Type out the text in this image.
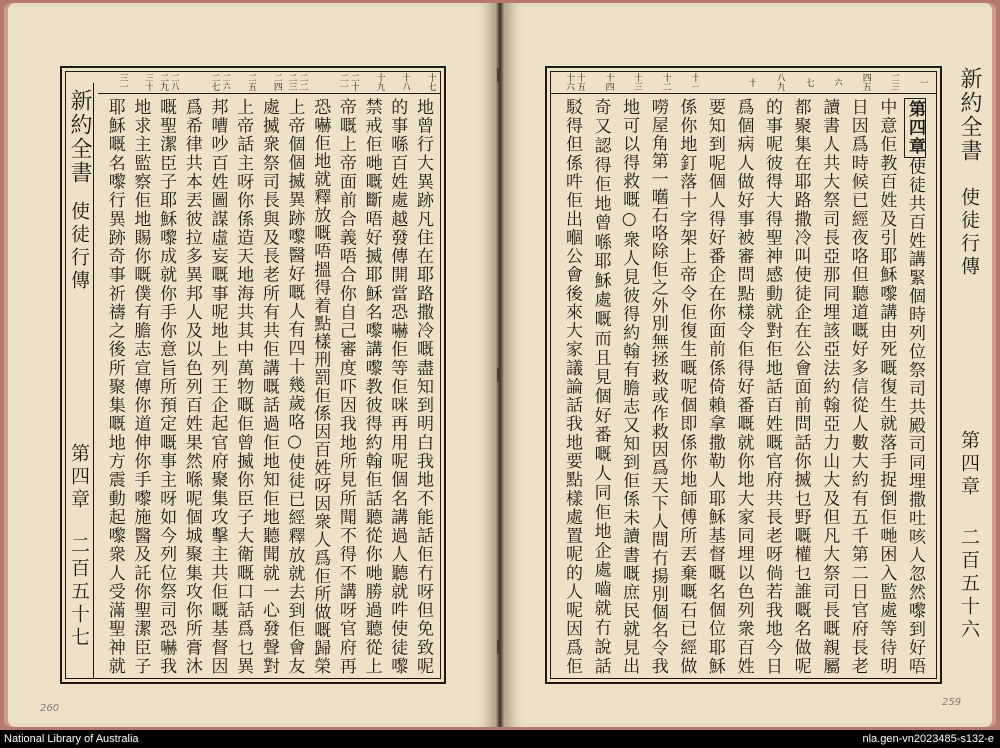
新約全書
使徒行傳
第四章
二百五十七
十七
十八
十九
二十二一
二二二三
二四
二五
二六二七
二八二九
三十
三一
地曾行大異跡凡住在耶路撒冷嘅盡知到明白我地不能話佢冇呀但免致呢
的事喺百姓處越發傳開當恐嚇佢等佢咪再用呢個名講過人聽就吽使徒嚟
禁戒佢哋嘅斷唔好揻耶穌名嚟講嚟教彼得約翰佢話聽從你哋勝過聽從上
帝嘅上帝面前合義唔合你自己審度吓因我地所見所聞不得不講呀官府再
恐嚇佢地就釋放嘅唔搵得着點樣刑罰佢係因百姓呀因衆人爲佢所做嘅歸榮
上帝個個揻異跡嚟醫好嘅人有四十幾歲咯○使徒已經釋放就去到佢會友
處揻衆祭司長與及長老所有共佢講嘅話過佢地知佢地聽聞就一心發聲對
上帝話主呀你係造天地海共其中萬物嘅佢曾揻你臣子大衛嘅口話爲乜異
邦嘈吵百姓圖謀虛妄嘅事呢地上列王企起官府聚集攻擊主共佢嘅基督因
爲希律共本丟彼拉多異邦人及以色列百姓果然喺呢個城聚集攻你所膏沐
嘅聖潔臣子耶穌嚟成就你手你意旨所預定嘅事主呀如今列位祭司恐嚇我
地求主監察佢地賜你嘅僕有膽志宣傳你道伸你手嚟施醫及託你聖潔臣子
耶穌嘅名嚟行異跡奇事祈禱之後所聚集嘅地方震動起嚟衆人受滿聖神就
一
二三
四五
六
七
八九
十
十一
十二
十三
十四
十五十六
第四章使徒共百姓講緊個時列位祭司共殿司同埋撒吐咳人忽然嚟到好唔
中意佢教百姓及引耶穌嚟講由死嘅復生就落手捉倒佢哋困入監處等待明
日因爲時候已經夜咯但聽道嘅好多信從人數大約有五千第二日官府長老
讀書人共大祭司長亞那同埋該亞法約翰亞力山大及但凡大祭司長嘅親屬
都聚集在耶路撒冷叫使徒企在公會面前問話你揻乜野嘅權乜誰嘅名做呢
的事呢彼得大得聖神感動就對佢地話百姓嘅官府共長老呀倘若我地今日
爲個病人做好事被審問點樣令佢得好番嘅就你地大家同埋以色列衆百姓
要知到呢個人得好番企在你面前係倚賴拿撒勒人耶穌基督嘅名個位耶穌
係你地釘落十字架上帝令佢復生嘅呢個即係你地師傅所丟棄嘅石已經做
嘮屋角第一嚿石咯除佢之外別無拯救或作救因爲天下人間冇揚別個名令我
地可以得救嘅○衆人見彼得約翰有膽志又知到佢係未讀書嘅庶民就見出
奇又認得佢地曾喺耶穌處嘅而且見個好番嘅人同佢地企處嚙就冇說話
駁得但係吽佢出嗰公會後來大家議論話我地要點樣處置呢的人呢因爲佢	新約全書
使徒行傳
第四章
二百五十六
260
259
National Library of Australia	nla.gen-vn2023485-s132-e
